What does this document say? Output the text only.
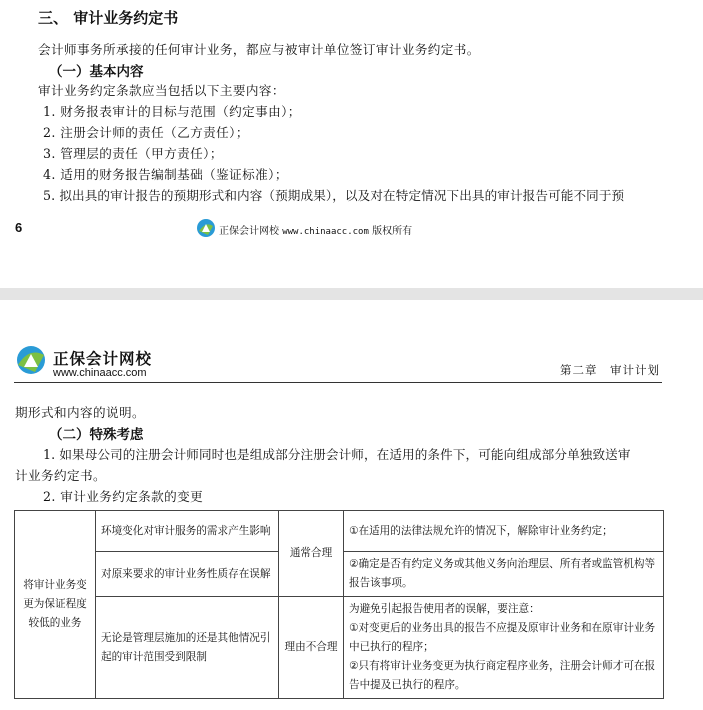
三、 审计业务约定书
会计师事务所承接的任何审计业务，都应与被审计单位签订审计业务约定书。
（一）基本内容
审计业务约定条款应当包括以下主要内容：
1. 财务报表审计的目标与范围（约定事由）；
2. 注册会计师的责任（乙方责任）；
3. 管理层的责任（甲方责任）；
4. 适用的财务报告编制基础（鉴证标准）；
5. 拟出具的审计报告的预期形式和内容（预期成果），以及对在特定情况下出具的审计报告可能不同于预
6	正保会计网校 www.chinaacc.com 版权所有
正保会计网校
www.chinaacc.com	第二章　审计计划
期形式和内容的说明。
（二）特殊考虑
1. 如果母公司的注册会计师同时也是组成部分注册会计师，在适用的条件下，可能向组成部分单独致送审
计业务约定书。
2. 审计业务约定条款的变更
将审计业务变更为保证程度较低的业务	环境变化对审计服务的需求产生影响	通常合理	①在适用的法律法规允许的情况下，解除审计业务约定；
	对原来要求的审计业务性质存在误解		②确定是否有约定义务或其他义务向治理层、所有者或监管机构等报告该事项。
	无论是管理层施加的还是其他情况引起的审计范围受到限制	理由不合理	为避免引起报告使用者的误解，要注意：
①对变更后的业务出具的报告不应提及原审计业务和在原审计业务中已执行的程序；
②只有将审计业务变更为执行商定程序业务，注册会计师才可在报告中提及已执行的程序。
